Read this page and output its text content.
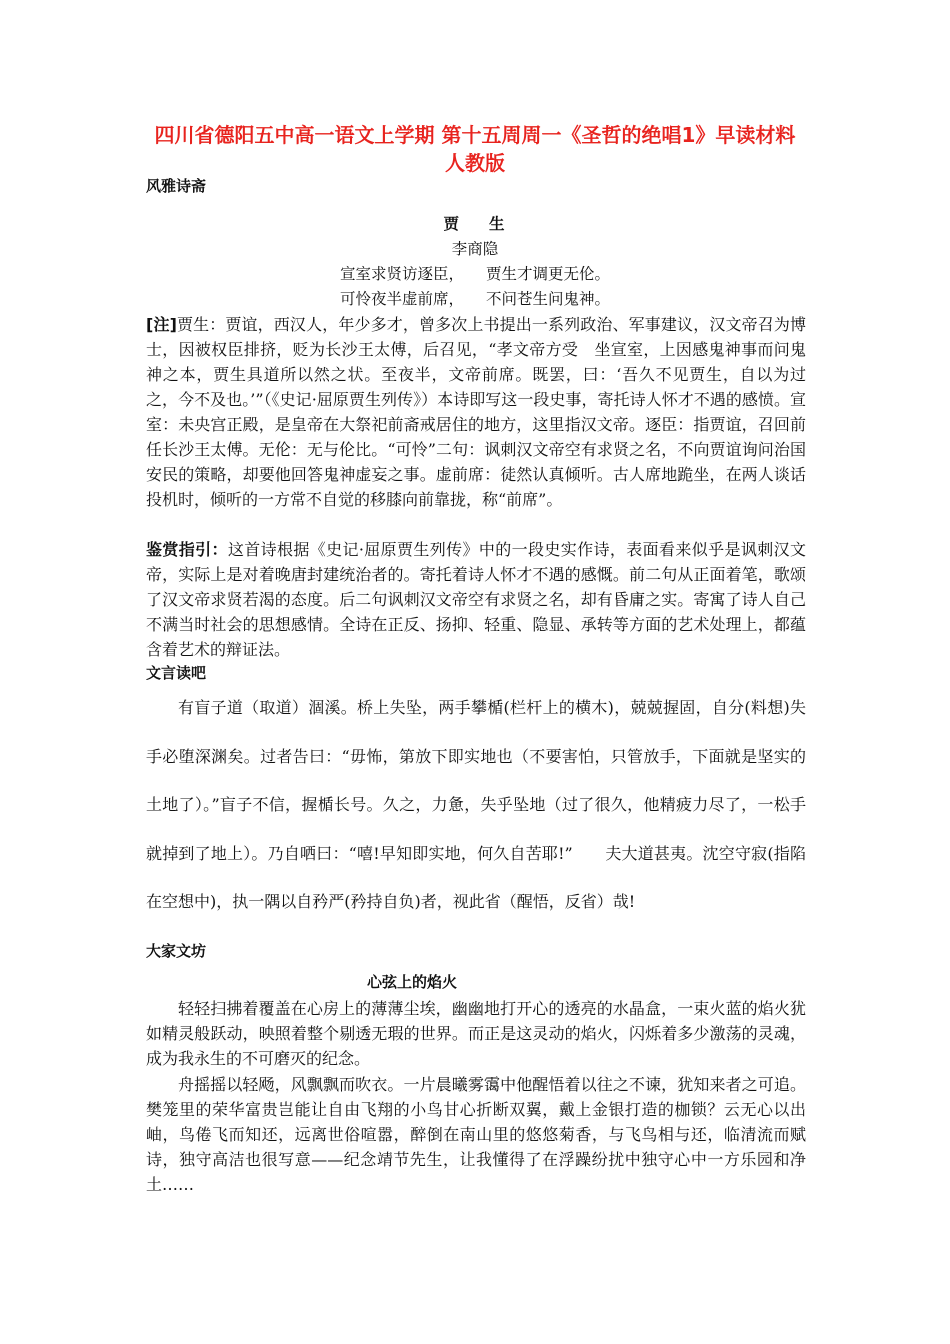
四川省德阳五中高一语文上学期 第十五周周一《圣哲的绝唱1》早读材料 人教版
风雅诗斋
贾 生
李商隐
宣室求贤访逐臣， 贾生才调更无伦。
可怜夜半虚前席， 不问苍生问鬼神。

[注]贾生：贾谊，西汉人，年少多才，曾多次上书提出一系列政治、军事建议，汉文帝召为博士，因被权臣排挤，贬为长沙王太傅，后召见，“孝文帝方受　坐宣室，上因感鬼神事而问鬼神之本，贾生具道所以然之状。至夜半，文帝前席。既罢，曰：‘吾久不见贾生，自以为过之，今不及也。’”（《史记·屈原贾生列传》）本诗即写这一段史事，寄托诗人怀才不遇的感愤。宣室：未央宫正殿，是皇帝在大祭祀前斋戒居住的地方，这里指汉文帝。逐臣：指贾谊，召回前任长沙王太傅。无伦：无与伦比。“可怜”二句：讽刺汉文帝空有求贤之名，不向贾谊询问治国安民的策略，却要他回答鬼神虚妄之事。虚前席：徒然认真倾听。古人席地跪坐，在两人谈话投机时，倾听的一方常不自觉的移膝向前靠拢，称“前席”。

鉴赏指引：这首诗根据《史记·屈原贾生列传》中的一段史实作诗，表面看来似乎是讽刺汉文帝，实际上是对着晚唐封建统治者的。寄托着诗人怀才不遇的感慨。前二句从正面着笔，歌颂了汉文帝求贤若渴的态度。后二句讽刺汉文帝空有求贤之名，却有昏庸之实。寄寓了诗人自己不满当时社会的思想感情。全诗在正反、扬抑、轻重、隐显、承转等方面的艺术处理上，都蕴含着艺术的辩证法。

文言读吧

有盲子道（取道）涸溪。桥上失坠，两手攀楯(栏杆上的横木)，兢兢握固，自分(料想)失手必堕深渊矣。过者告曰：“毋怖，第放下即实地也（不要害怕，只管放手，下面就是坚实的土地了）。”盲子不信，握楯长号。久之，力惫，失乎坠地（过了很久，他精疲力尽了，一松手就掉到了地上）。乃自哂曰：“嘻!早知即实地，何久自苦耶!”　　夫大道甚夷。沈空守寂(指陷在空想中)，执一隅以自矜严(矜持自负)者，视此省（醒悟，反省）哉!

大家文坊
心弦上的焰火

轻轻扫拂着覆盖在心房上的薄薄尘埃，幽幽地打开心的透亮的水晶盒，一束火蓝的焰火犹如精灵般跃动，映照着整个剔透无瑕的世界。而正是这灵动的焰火，闪烁着多少激荡的灵魂，成为我永生的不可磨灭的纪念。

舟摇摇以轻飏，风飘飘而吹衣。一片晨曦雾霭中他醒悟着以往之不谏，犹知来者之可追。樊笼里的荣华富贵岂能让自由飞翔的小鸟甘心折断双翼，戴上金银打造的枷锁？云无心以出岫，鸟倦飞而知还，远离世俗喧嚣，醉倒在南山里的悠悠菊香，与飞鸟相与还，临清流而赋诗，独守高洁也很写意——纪念靖节先生，让我懂得了在浮躁纷扰中独守心中一方乐园和净土……
